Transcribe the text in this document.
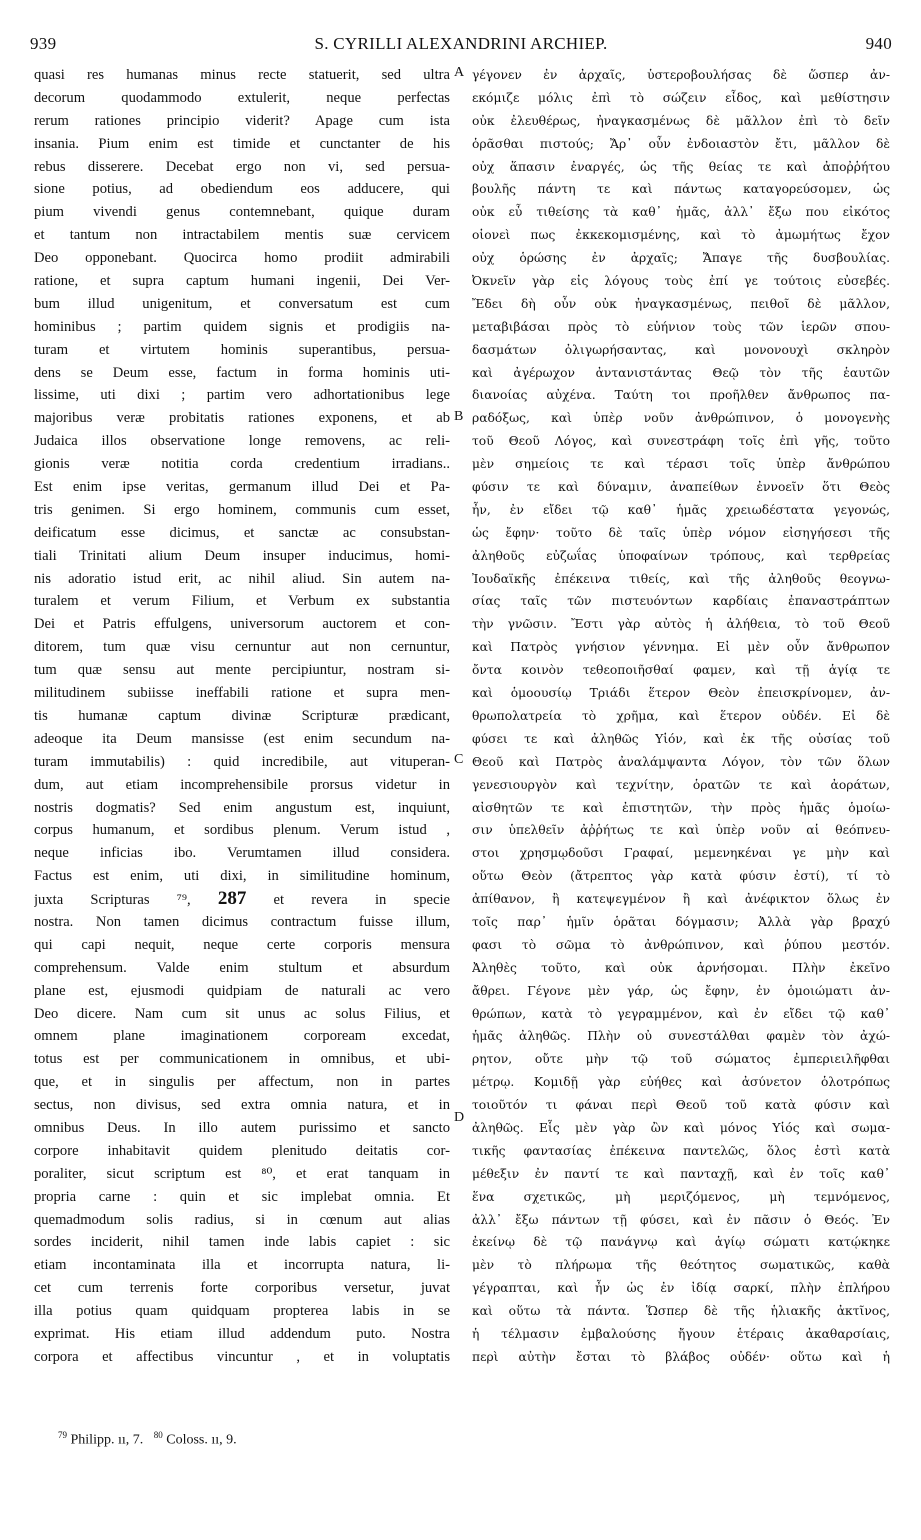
939	S. CYRILLI ALEXANDRINI ARCHIEP.	940
quasi res humanas minus recte statuerit, sed ultra
decorum quodammodo extulerit, neque perfectas
rerum rationes principio viderit? Apage cum ista
insania. Pium enim est timide et cunctanter de his
rebus disserere. Decebat ergo non vi, sed persua-
sione potius, ad obediendum eos adducere, qui
pium vivendi genus contemnebant, quique duram
et tantum non intractabilem mentis suæ cervicem
Deo opponebant. Quocirca homo prodiit admirabili
ratione, et supra captum humani ingenii, Dei Ver-
bum illud unigenitum, et conversatum est cum
hominibus ; partim quidem signis et prodigiis na-
turam et virtutem hominis superantibus, persua-
dens se Deum esse, factum in forma hominis uti-
lissime, uti dixi ; partim vero adhortationibus lege
majoribus veræ probitatis rationes exponens, et ab
Judaica illos observatione longe removens, ac reli-
gionis veræ notitia corda credentium irradians..
Est enim ipse veritas, germanum illud Dei et Pa-
tris genimen. Si ergo hominem, communis cum esset,
deificatum esse dicimus, et sanctæ ac consubstan-
tiali Trinitati alium Deum insuper inducimus, homi-
nis adoratio istud erit, ac nihil aliud. Sin autem na-
turalem et verum Filium, et Verbum ex substantia
Dei et Patris effulgens, universorum auctorem et con-
ditorem, tum quæ visu cernuntur aut non cernuntur,
tum quæ sensu aut mente percipiuntur, nostram si-
militudinem subiisse ineffabili ratione et supra men-
tis humanæ captum divinæ Scripturæ prædicant,
adeoque ita Deum mansisse (est enim secundum na-
turam immutabilis) : quid incredibile, aut vituperan-
dum, aut etiam incomprehensibile prorsus videtur in
nostris dogmatis? Sed enim angustum est, inquiunt,
corpus humanum, et sordibus plenum. Verum istud ,
neque inficias ibo. Verumtamen illud considera.
Factus est enim, uti dixi, in similitudine hominum,
juxta Scripturas ⁷⁹, 287 et revera in specie
nostra. Non tamen dicimus contractum fuisse illum,
qui capi nequit, neque certe corporis mensura
comprehensum. Valde enim stultum et absurdum
plane est, ejusmodi quidpiam de naturali ac vero
Deo dicere. Nam cum sit unus ac solus Filius, et
omnem plane imaginationem corpoream excedat,
totus est per communicationem in omnibus, et ubi-
que, et in singulis per affectum, non in partes
sectus, non divisus, sed extra omnia natura, et in
omnibus Deus. In illo autem purissimo et sancto
corpore inhabitavit quidem plenitudo deitatis cor-
poraliter, sicut scriptum est ⁸⁰, et erat tanquam in
propria carne : quin et sic implebat omnia. Et
quemadmodum solis radius, si in cœnum aut alias
sordes inciderit, nihil tamen inde labis capiet : sic
etiam incontaminata illa et incorrupta natura, li-
cet cum terrenis forte corporibus versetur, juvat
illa potius quam quidquam propterea labis in se
exprimat. His etiam illud addendum puto. Nostra
corpora et affectibus vincuntur , et in voluptatis
γέγονεν ἐν ἀρχαῖς, ὑστεροβουλήσας δὲ ὥσπερ ἀν-
εκόμιζε μόλις ἐπὶ τὸ σώζειν εἶδος, καὶ μεθίστησιν
οὐκ ἐλευθέρως, ἠναγκασμένως δὲ μᾶλλον ἐπὶ τὸ δεῖν
ὁρᾶσθαι πιστούς; Ἄρ᾽ οὖν ἐνδοιαστὸν ἔτι, μᾶλλον δὲ
οὐχ ἅπασιν ἐναργές, ὡς τῆς θείας τε καὶ ἀποῤῥήτου
βουλῆς πάντη τε καὶ πάντως καταγορεύσομεν, ὡς
οὐκ εὖ τιθείσης τὰ καθ᾽ ἡμᾶς, ἀλλ᾽ ἔξω που εἰκότος
οἱονεὶ πως ἐκκεκομισμένης, καὶ τὸ ἀμωμήτως ἔχον
οὐχ ὁρώσης ἐν ἀρχαῖς; Ἄπαγε τῆς δυσβουλίας.
Ὀκνεῖν γὰρ εἰς λόγους τοὺς ἐπί γε τούτοις εὐσεβές.
Ἔδει δὴ οὖν οὐκ ἠναγκασμένως, πειθοῖ δὲ μᾶλλον,
μεταβιβάσαι πρὸς τὸ εὐήνιον τοὺς τῶν ἱερῶν σπου-
δασμάτων ὀλιγωρήσαντας, καὶ μονονουχὶ σκληρὸν
καὶ ἀγέρωχον ἀντανιστάντας Θεῷ τὸν τῆς ἑαυτῶν
διανοίας αὐχένα. Ταύτη τοι προῆλθεν ἄνθρωπος πα-
ραδόξως, καὶ ὑπὲρ νοῦν ἀνθρώπινον, ὁ μονογενὴς
τοῦ Θεοῦ Λόγος, καὶ συνεστράφη τοῖς ἐπὶ γῆς, τοῦτο
μὲν σημείοις τε καὶ τέρασι τοῖς ὑπὲρ ἄνθρώπου
φύσιν τε καὶ δύναμιν, ἀναπείθων ἐννοεῖν ὅτι Θεὸς
ἦν, ἐν εἴδει τῷ καθ᾽ ἡμᾶς χρειωδέστατα γεγονώς,
ὡς ἔφην· τοῦτο δὲ ταῖς ὑπὲρ νόμον εἰσηγήσεσι τῆς
ἀληθοῦς εὐζωΐας ὑποφαίνων τρόπους, καὶ τερθρείας
Ἰουδαϊκῆς ἐπέκεινα τιθείς, καὶ τῆς ἀληθοῦς θεογνω-
σίας ταῖς τῶν πιστευόντων καρδίαις ἐπαναστράπτων
τὴν γνῶσιν. Ἔστι γὰρ αὐτὸς ἡ ἀλήθεια, τὸ τοῦ Θεοῦ
καὶ Πατρὸς γνήσιον γέννημα. Εἰ μὲν οὖν ἄνθρωπον
ὄντα κοινὸν τεθεοποιῆσθαί φαμεν, καὶ τῇ ἁγίᾳ τε
καὶ ὁμοουσίῳ Τριάδι ἕτερον Θεὸν ἐπεισκρίνομεν, ἀν-
θρωπολατρεία τὸ χρῆμα, καὶ ἕτερον οὐδέν. Εἰ δὲ
φύσει τε καὶ ἀληθῶς Υἱόν, καὶ ἐκ τῆς οὐσίας τοῦ
Θεοῦ καὶ Πατρὸς ἀναλάμψαντα Λόγον, τὸν τῶν ὅλων
γενεσιουργὸν καὶ τεχνίτην, ὁρατῶν τε καὶ ἀοράτων,
αἰσθητῶν τε καὶ ἐπιστητῶν, τὴν πρὸς ἡμᾶς ὁμοίω-
σιν ὑπελθεῖν ἀῤῥήτως τε καὶ ὑπὲρ νοῦν αἱ θεόπνευ-
στοι χρησμῳδοῦσι Γραφαί, μεμενηκέναι γε μὴν καὶ
οὕτω Θεὸν (ἄτρεπτος γὰρ κατὰ φύσιν ἐστί), τί τὸ
ἀπίθανον, ἢ κατεψεγμένον ἢ καὶ ἀνέφικτον ὅλως ἐν
τοῖς παρ᾽ ἡμῖν ὁρᾶται δόγμασιν; Ἀλλὰ γὰρ βραχύ
φασι τὸ σῶμα τὸ ἀνθρώπινον, καὶ ῥύπου μεστόν.
Ἀληθὲς τοῦτο, καὶ οὐκ ἀρνήσομαι. Πλὴν ἐκεῖνο
ἄθρει. Γέγονε μὲν γάρ, ὡς ἔφην, ἐν ὁμοιώματι ἀν-
θρώπων, κατὰ τὸ γεγραμμένον, καὶ ἐν εἴδει τῷ καθ᾽
ἡμᾶς ἀληθῶς. Πλὴν οὐ συνεστάλθαι φαμὲν τὸν ἀχώ-
ρητον, οὔτε μὴν τῷ τοῦ σώματος ἐμπεριειλῆφθαι
μέτρῳ. Κομιδῇ γὰρ εὐήθες καὶ ἀσύνετον ὁλοτρόπως
τοιοῦτόν τι φάναι περὶ Θεοῦ τοῦ κατὰ φύσιν καὶ
ἀληθῶς. Εἷς μὲν γὰρ ὢν καὶ μόνος Υἱός καὶ σωμα-
τικῆς φαντασίας ἐπέκεινα παντελῶς, ὅλος ἐστὶ κατὰ
μέθεξιν ἐν παντί τε καὶ πανταχῇ, καὶ ἐν τοῖς καθ᾽
ἕνα σχετικῶς, μὴ μεριζόμενος, μὴ τεμνόμενος,
ἀλλ᾽ ἔξω πάντων τῇ φύσει, καὶ ἐν πᾶσιν ὁ Θεός. Ἐν
ἐκείνῳ δὲ τῷ πανάγνῳ καὶ ἁγίῳ σώματι κατῴκηκε
μὲν τὸ πλήρωμα τῆς θεότητος σωματικῶς, καθὰ
γέγραπται, καὶ ἦν ὡς ἐν ἰδίᾳ σαρκί, πλὴν ἐπλήρου
καὶ οὕτω τὰ πάντα. Ὥσπερ δὲ τῆς ἡλιακῆς ἀκτῖνος,
ἡ τέλμασιν ἐμβαλούσης ἤγουν ἑτέραις ἀκαθαρσίαις,
περὶ αὐτὴν ἔσται τὸ βλάβος οὐδέν· οὕτω καὶ ἡ
A
B
C
D
$^{79}$ Philipp. ıı, 7. $^{80}$ Coloss. ıı, 9.
